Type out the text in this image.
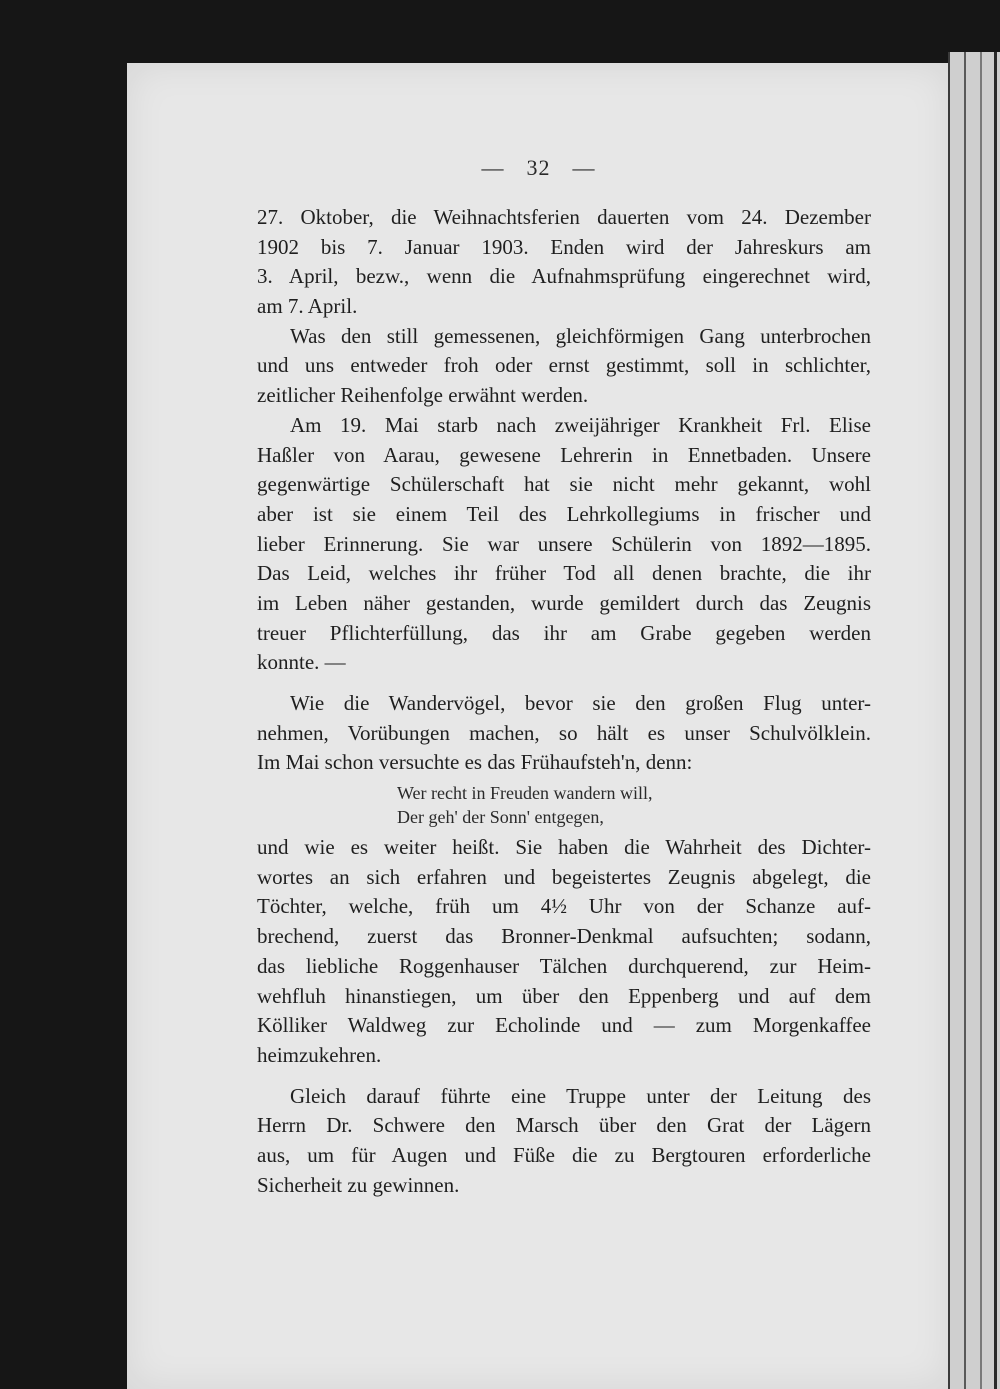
— 32 —
27. Oktober, die Weihnachtsferien dauerten vom 24. Dezember
1902 bis 7. Januar 1903. Enden wird der Jahreskurs am
3. April, bezw., wenn die Aufnahmsprüfung eingerechnet wird,
am 7. April.
Was den still gemessenen, gleichförmigen Gang unterbrochen
und uns entweder froh oder ernst gestimmt, soll in schlichter,
zeitlicher Reihenfolge erwähnt werden.
Am 19. Mai starb nach zweijähriger Krankheit Frl. Elise
Haßler von Aarau, gewesene Lehrerin in Ennetbaden. Unsere
gegenwärtige Schülerschaft hat sie nicht mehr gekannt, wohl
aber ist sie einem Teil des Lehrkollegiums in frischer und
lieber Erinnerung. Sie war unsere Schülerin von 1892—1895.
Das Leid, welches ihr früher Tod all denen brachte, die ihr
im Leben näher gestanden, wurde gemildert durch das Zeugnis
treuer Pflichterfüllung, das ihr am Grabe gegeben werden
konnte. —
Wie die Wandervögel, bevor sie den großen Flug unter-
nehmen, Vorübungen machen, so hält es unser Schulvölklein.
Im Mai schon versuchte es das Frühaufsteh'n, denn:
Wer recht in Freuden wandern will,
Der geh' der Sonn' entgegen,
und wie es weiter heißt. Sie haben die Wahrheit des Dichter-
wortes an sich erfahren und begeistertes Zeugnis abgelegt, die
Töchter, welche, früh um 4½ Uhr von der Schanze auf-
brechend, zuerst das Bronner-Denkmal aufsuchten; sodann,
das liebliche Roggenhauser Tälchen durchquerend, zur Heim-
wehfluh hinanstiegen, um über den Eppenberg und auf dem
Kölliker Waldweg zur Echolinde und — zum Morgenkaffee
heimzukehren.
Gleich darauf führte eine Truppe unter der Leitung des
Herrn Dr. Schwere den Marsch über den Grat der Lägern
aus, um für Augen und Füße die zu Bergtouren erforderliche
Sicherheit zu gewinnen.
